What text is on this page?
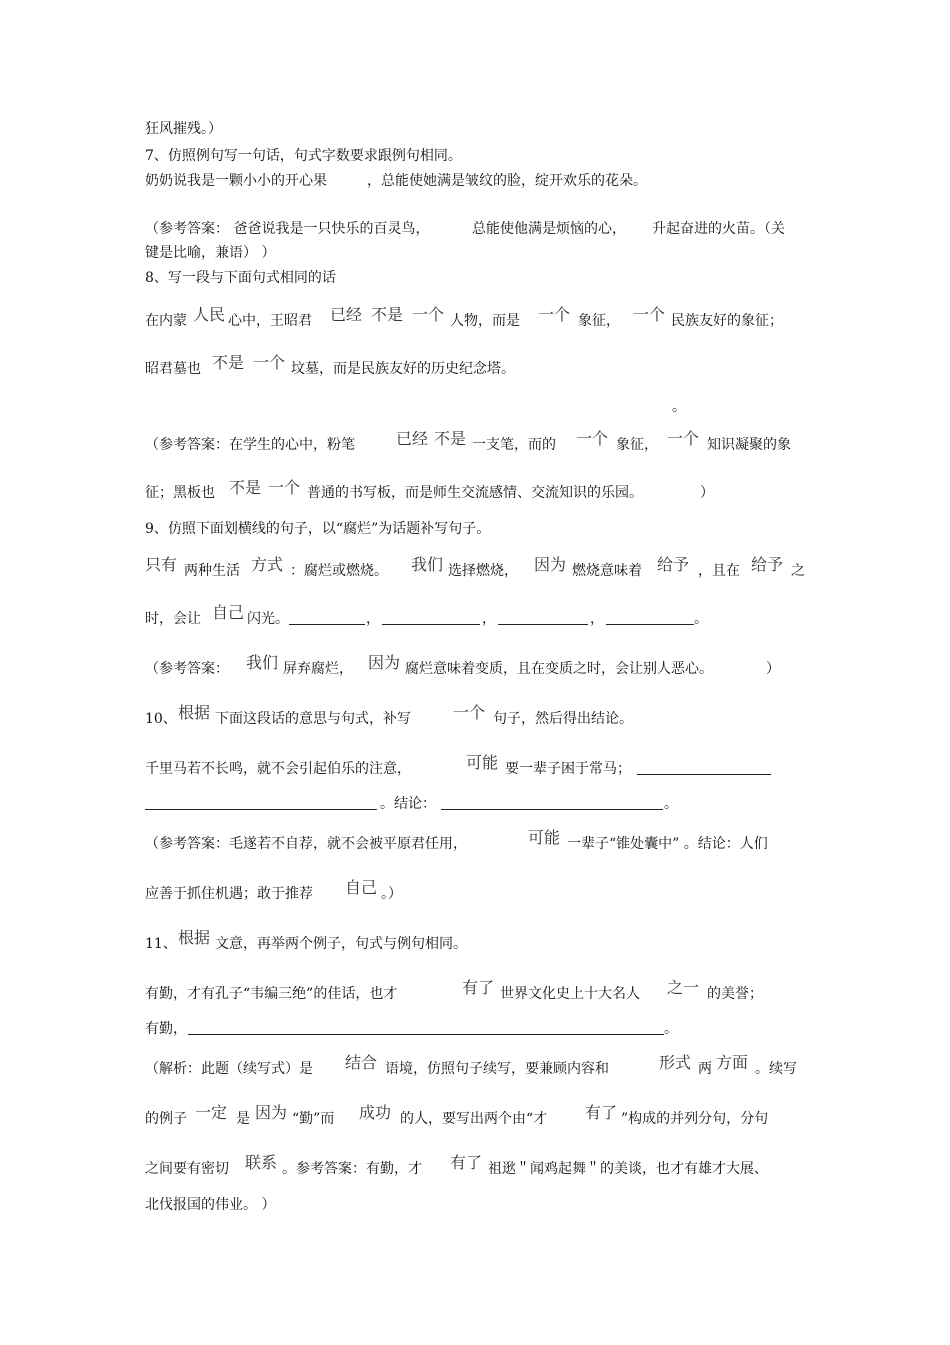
狂风摧残。）
7、仿照例句写一句话，句式字数要求跟例句相同。
奶奶说我是一颗小小的开心果	，总能使她满是皱纹的脸，绽开欢乐的花朵。
（参考答案： 爸爸说我是一只快乐的百灵鸟，	总能使他满是烦恼的心， 升起奋进的火苗。（关
键是比喻，兼语） ）
8、写一段与下面句式相同的话
在内蒙 人民 心中，王昭君 已经 不是 一个 人物，而是 一个 象征， 一个 民族友好的象征；
昭君墓也 不是 一个 坟墓，而是民族友好的历史纪念塔。
。
（参考答案：在学生的心中，粉笔	已经 不是 一支笔，而的 一个 象征， 一个 知识凝聚的象
征；黑板也 不是 一个 普通的书写板，而是师生交流感情、交流知识的乐园。	）
9、仿照下面划横线的句子，以“腐烂”为话题补写句子。
只有 两种生活 方式 ：腐烂或燃烧。 我们 选择燃烧， 因为 燃烧意味着 给予 ，且在 给予 之
时，会让 自己 闪光。	，	，	，	。
（参考答案： 我们 屏弃腐烂， 因为 腐烂意味着变质，且在变质之时，会让别人恶心。	）
10、 根据 下面这段话的意思与句式，补写	一个 句子，然后得出结论。
千里马若不长鸣，就不会引起伯乐的注意，	可能 要一辈子困于常马；
。结论：	。
（参考答案：毛遂若不自荐，就不会被平原君任用，	可能 一辈子“锥处囊中” 。结论：人们
应善于抓住机遇；敢于推荐 自己 。）
11、 根据 文意，再举两个例子，句式与例句相同。
有勤，才有孔子“韦编三绝”的佳话，也才	有了 世界文化史上十大名人 之一 的美誉；
有勤，	。
（解析：此题（续写式）是 结合 语境，仿照句子续写，要兼顾内容和	形式 两 方面 。续写
的例子 一定 是 因为 “勤”而 成功 的人，要写出两个由“才 有了 ”构成的并列分句，分句
之间要有密切 联系 。参考答案：有勤，才 有了 祖逖＂闻鸡起舞＂的美谈，也才有雄才大展、
北伐报国的伟业。 ）
